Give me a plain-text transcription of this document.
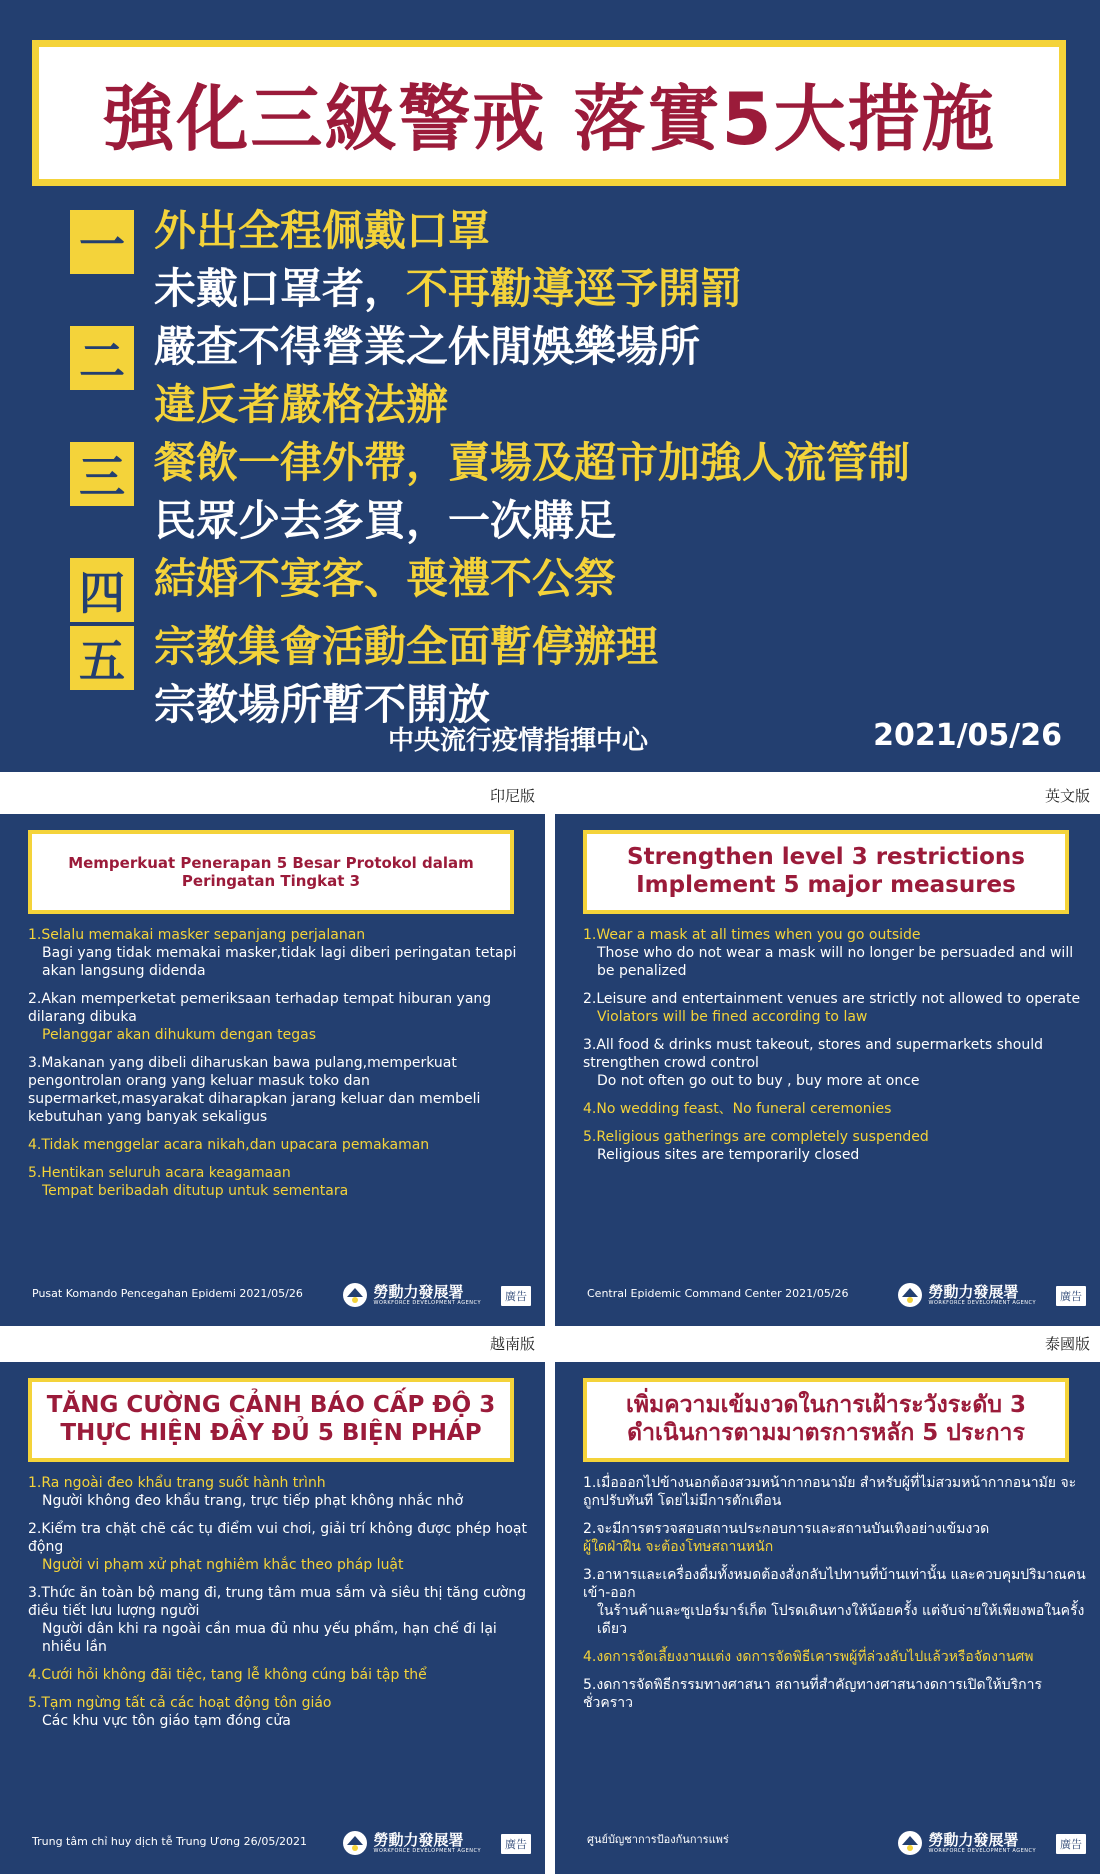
強化三級警戒 落實5大措施
一 外出全程佩戴口罩
未戴口罩者，不再勸導逕予開罰
二 嚴查不得營業之休閒娛樂場所
違反者嚴格法辦
三 餐飲一律外帶，賣場及超市加強人流管制
民眾少去多買，一次購足
四 結婚不宴客、喪禮不公祭
五 宗教集會活動全面暫停辦理
宗教場所暫不開放
中央流行疫情指揮中心	2021/05/26
印尼版
Memperkuat Penerapan 5 Besar Protokol dalam
Peringatan Tingkat 3
1.Selalu memakai masker sepanjang perjalanan
Bagi yang tidak memakai masker,tidak lagi diberi peringatan tetapi akan langsung didenda
2.Akan memperketat pemeriksaan terhadap tempat hiburan yang dilarang dibuka
Pelanggar akan dihukum dengan tegas
3.Makanan yang dibeli diharuskan bawa pulang,memperkuat pengontrolan orang yang keluar masuk toko dan supermarket,masyarakat diharapkan jarang keluar dan membeli kebutuhan yang banyak sekaligus
4.Tidak menggelar acara nikah,dan upacara pemakaman
5.Hentikan seluruh acara keagamaan
Tempat beribadah ditutup untuk sementara
Pusat Komando Pencegahan Epidemi 2021/05/26	勞動力發展署
WORKFORCE DEVELOPMENT AGENCY	廣告
英文版
Strengthen level 3 restrictions
Implement 5 major measures
1.Wear a mask at all times when you go outside
Those who do not wear a mask will no longer be persuaded and will be penalized
2.Leisure and entertainment venues are strictly not allowed to operate
Violators will be fined according to law
3.All food & drinks must takeout, stores and supermarkets should strengthen crowd control
Do not often go out to buy , buy more at once
4.No wedding feast、No funeral ceremonies
5.Religious gatherings are completely suspended
Religious sites are temporarily closed
Central Epidemic Command Center 2021/05/26	勞動力發展署
WORKFORCE DEVELOPMENT AGENCY	廣告
越南版
TĂNG CƯỜNG CẢNH BÁO CẤP ĐỘ 3
THỰC HIỆN ĐẦY ĐỦ 5 BIỆN PHÁP
1.Ra ngoài đeo khẩu trang suốt hành trình
Người không đeo khẩu trang, trực tiếp phạt không nhắc nhở
2.Kiểm tra chặt chẽ các tụ điểm vui chơi, giải trí không được phép hoạt động
Người vi phạm xử phạt nghiêm khắc theo pháp luật
3.Thức ăn toàn bộ mang đi, trung tâm mua sắm và siêu thị tăng cường điều tiết lưu lượng người
Người dân khi ra ngoài cần mua đủ nhu yếu phẩm, hạn chế đi lại nhiều lần
4.Cưới hỏi không đãi tiệc, tang lễ không cúng bái tập thể
5.Tạm ngừng tất cả các hoạt động tôn giáo
Các khu vực tôn giáo tạm đóng cửa
Trung tâm chỉ huy dịch tễ Trung Ương 26/05/2021	勞動力發展署
WORKFORCE DEVELOPMENT AGENCY	廣告
泰國版
เพิ่มความเข้มงวดในการเฝ้าระวังระดับ 3
ดำเนินการตามมาตรการหลัก 5 ประการ
1.เมื่อออกไปข้างนอกต้องสวมหน้ากากอนามัย สำหรับผู้ที่ไม่สวมหน้ากากอนามัย จะถูกปรับทันที โดยไม่มีการตักเตือน
2.จะมีการตรวจสอบสถานประกอบการและสถานบันเทิงอย่างเข้มงวด
ผู้ใดฝ่าฝืน จะต้องโทษสถานหนัก
3.อาหารและเครื่องดื่มทั้งหมดต้องสั่งกลับไปทานที่บ้านเท่านั้น และควบคุมปริมาณคนเข้า-ออก
ในร้านค้าและซูเปอร์มาร์เก็ต โปรดเดินทางให้น้อยครั้ง แต่จับจ่ายให้เพียงพอในครั้งเดียว
4.งดการจัดเลี้ยงงานแต่ง งดการจัดพิธีเคารพผู้ที่ล่วงลับไปแล้วหรือจัดงานศพ
5.งดการจัดพิธีกรรมทางศาสนา สถานที่สำคัญทางศาสนางดการเปิดให้บริการชั่วคราว
ศูนย์บัญชาการป้องกันการแพร่	勞動力發展署
WORKFORCE DEVELOPMENT AGENCY	廣告
